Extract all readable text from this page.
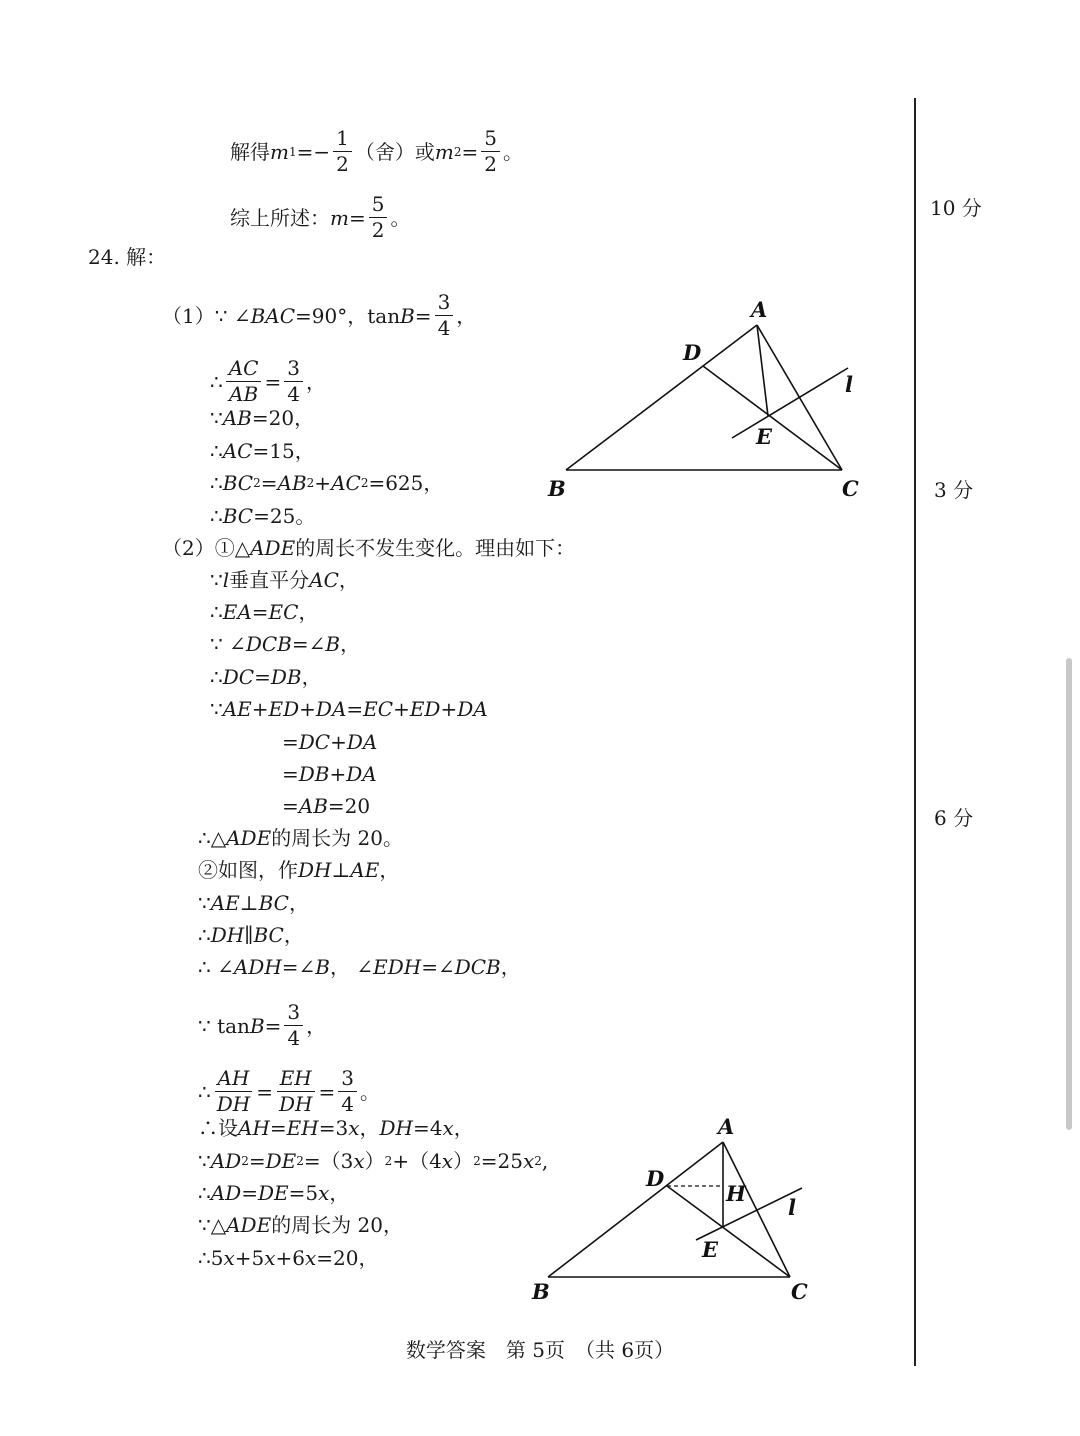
解得 m $1 =- \frac{1}{2}$ （舍）或 m $2 = \frac{5}{2}$ 。
综上所述： $m = \frac{5}{2}$ 。
24. 解：
（1） ∵ ∠ BAC =90°，$\tan B = \frac{3}{4}$ ，
∴ $\frac{AC}{AB} = \frac{3}{4}$ ，
∵ AB =20，
∴ AC =15，
∴ BC 2 = AB 2 + AC 2 =625，
∴ BC =25。
（2）①△ ADE 的周长不发生变化。理由如下：
∵ l 垂直平分 AC ，
∴ EA = EC ，
∵ ∠ DCB =∠ B ，
∴ DC = DB ，
∵ AE+ED+DA = EC+ED+DA
= DC+DA
= DB+DA
= AB =20
∴△ ADE 的周长为 20。
②如图，作 DH ⊥ AE ，
∵ AE ⊥ BC ，
∴ DH ∥ BC ，
∴ ∠ ADH =∠ B ， ∠ EDH =∠ DCB ，
∵ $\tan B = \frac{3}{4}$ ，
∴ $\frac{AH}{DH} = \frac{EH}{DH} = \frac{3}{4}$ 。
∴设 AH = EH =3 x ， DH =4 x ，
∵ AD 2 = DE 2 =（3 x ） 2 +（4 x ） 2 =25 x 2 ,
∴ AD = DE =5 x ，
∵△ ADE 的周长为 20，
∴5 x +5 x +6 x =20，
A
D
l
E
B	C
A
D
H
l
E
B	C
10 分
3 分
6 分
数学答案　第 5页　（共 6页）
